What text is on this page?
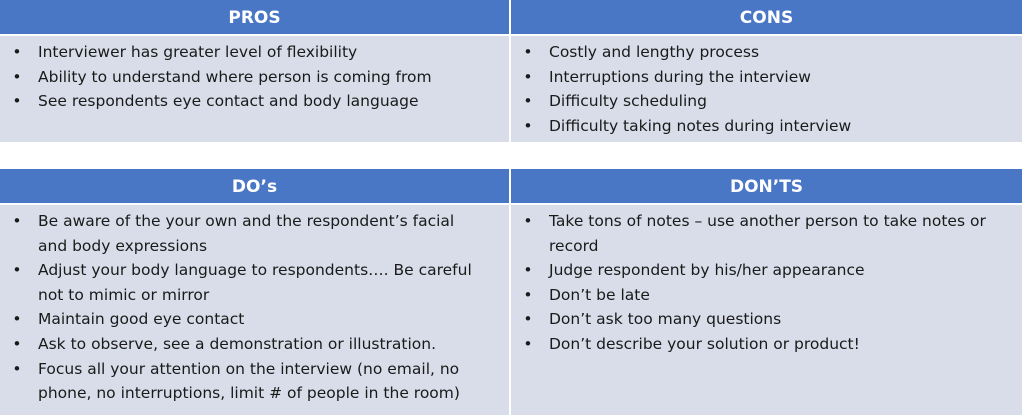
PROS	CONS
• Interviewer has greater level of flexibility
• Ability to understand where person is coming from
• See respondents eye contact and body language
• Costly and lengthy process
• Interruptions during the interview
• Difficulty scheduling
• Difficulty taking notes during interview
DO’s	DON’TS
• Be aware of the your own and the respondent’s facial
and body expressions
• Adjust your body language to respondents…. Be careful
not to mimic or mirror
• Maintain good eye contact
• Ask to observe, see a demonstration or illustration.
• Focus all your attention on the interview (no email, no
phone, no interruptions, limit # of people in the room)
• Take tons of notes – use another person to take notes or
record
• Judge respondent by his/her appearance
• Don’t be late
• Don’t ask too many questions
• Don’t describe your solution or product!
